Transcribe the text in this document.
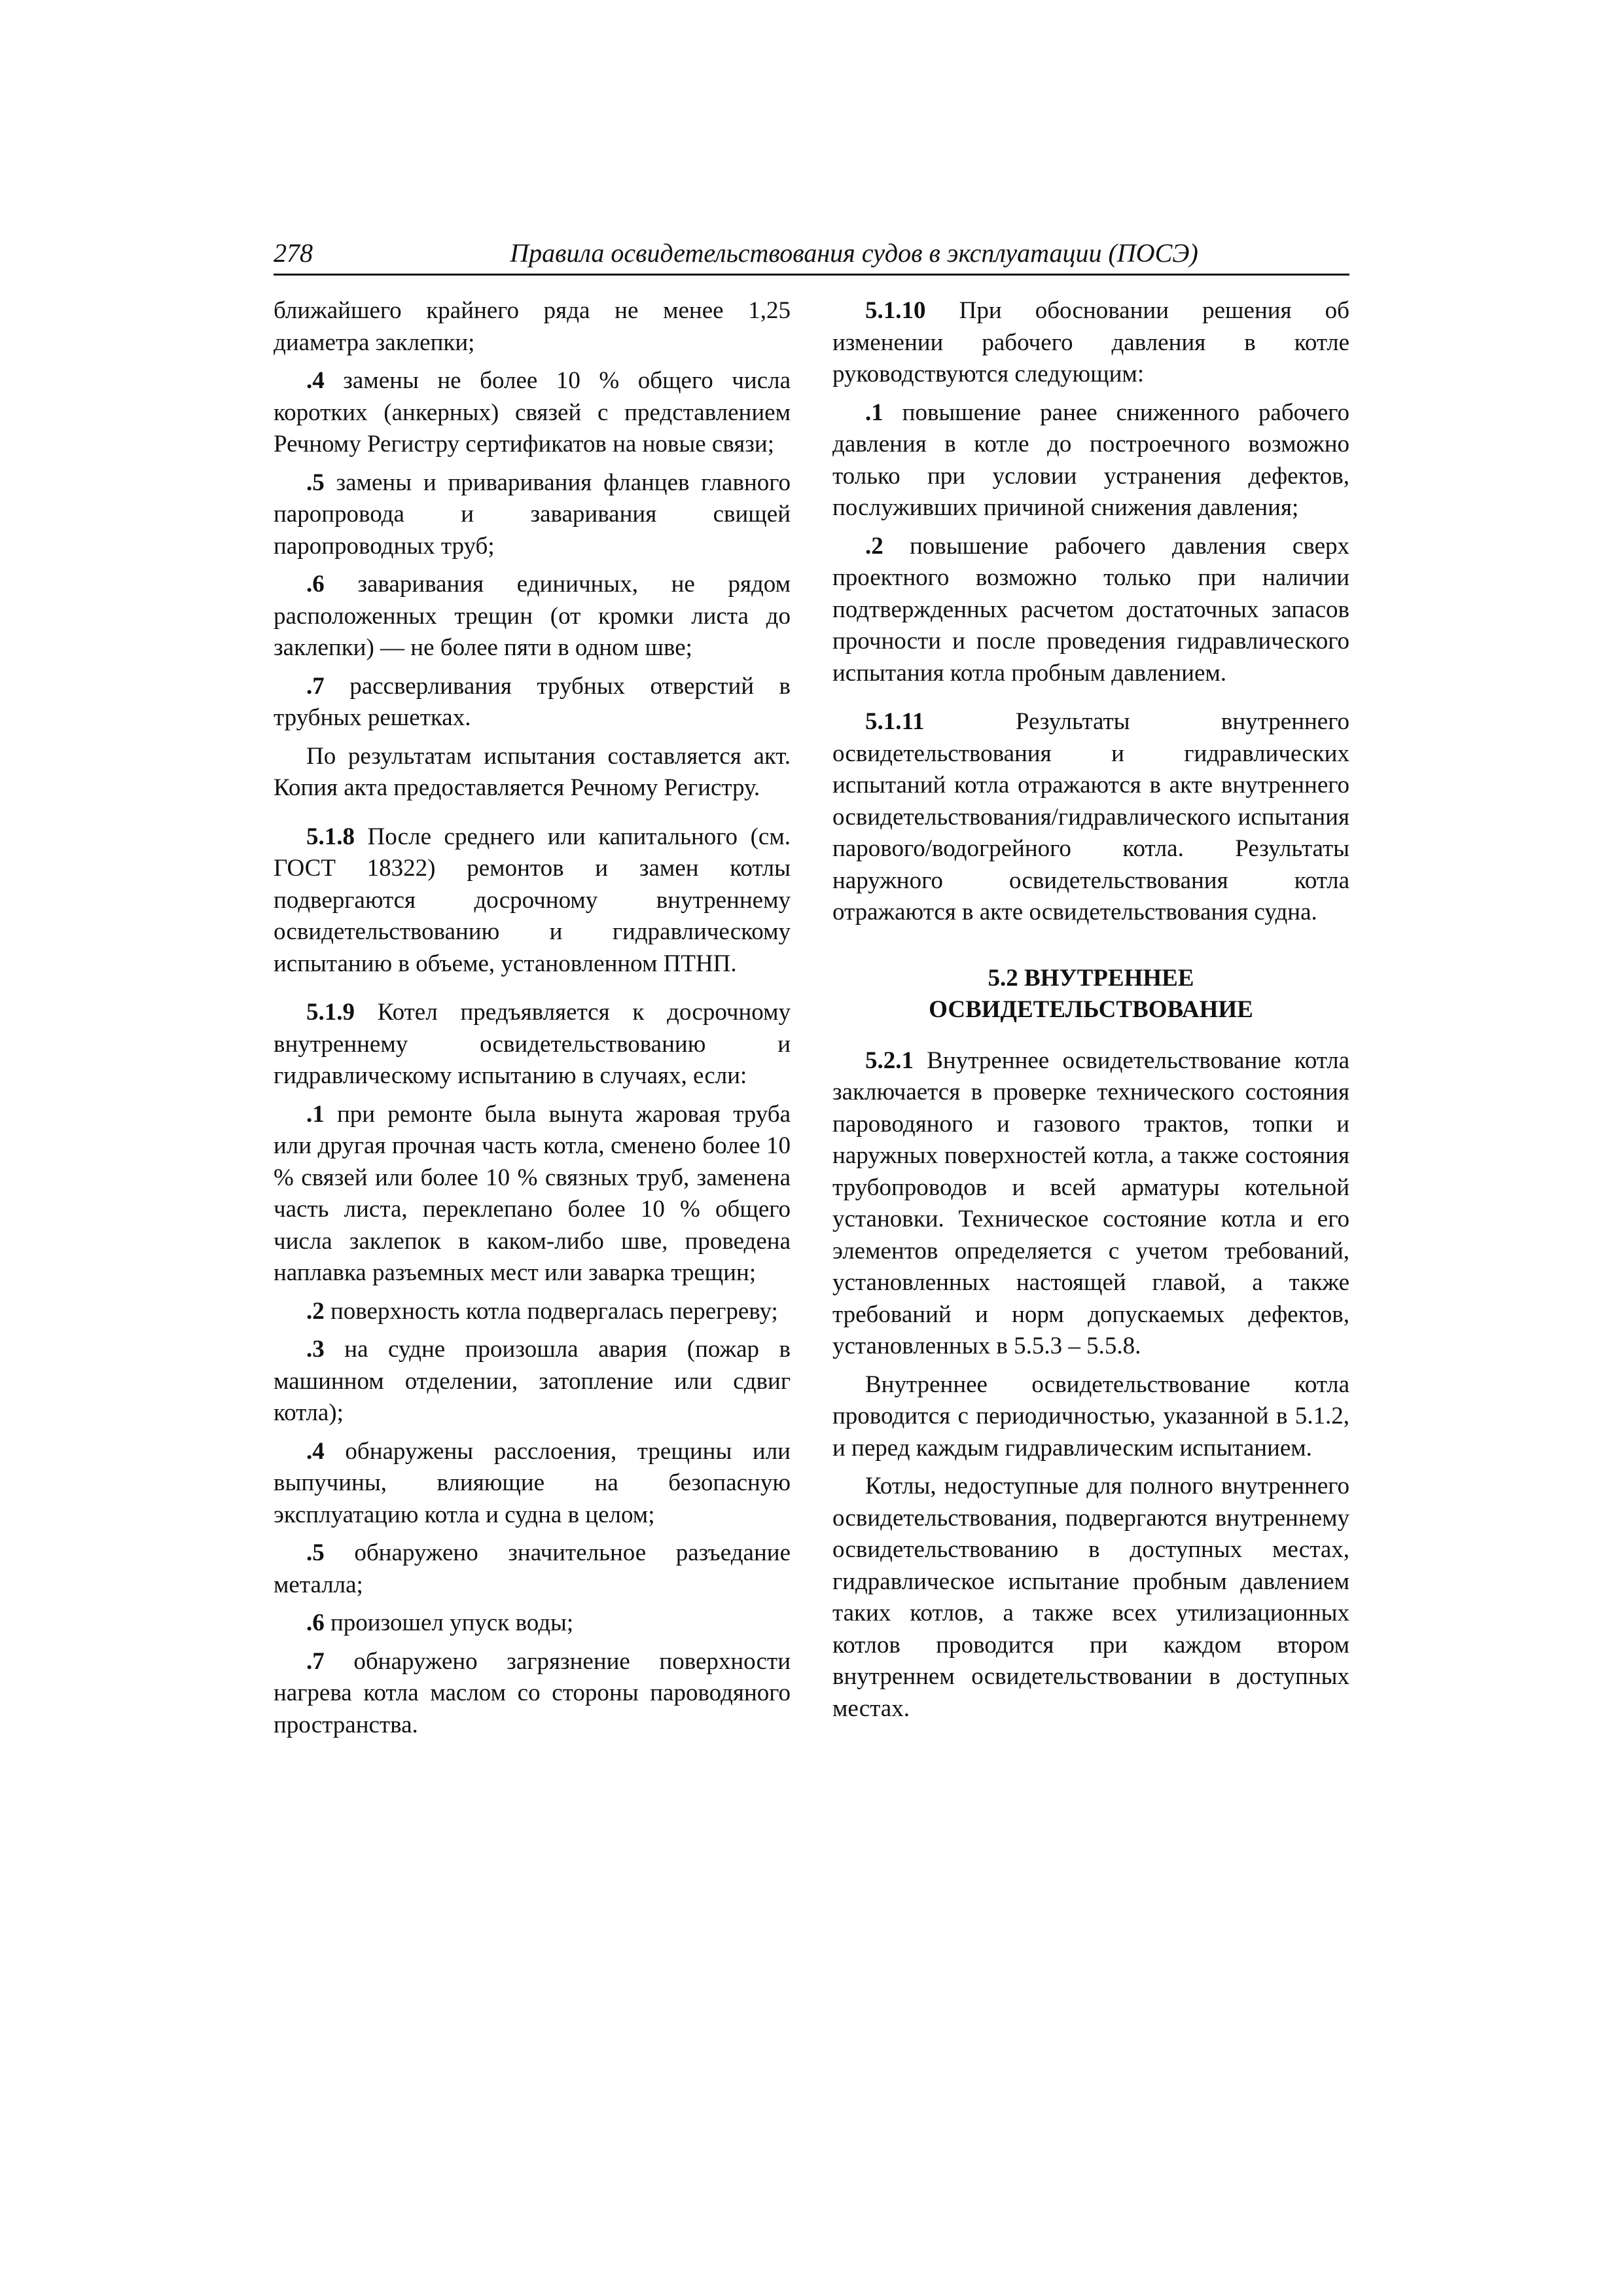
278	Правила освидетельствования судов в эксплуатации (ПОСЭ)

ближайшего крайнего ряда не менее 1,25 диаметра заклепки;

.4 замены не более 10 % общего числа коротких (анкерных) связей с представлением Речному Регистру сертификатов на новые связи;

.5 замены и приваривания фланцев главного паропровода и заваривания свищей паропроводных труб;

.6 заваривания единичных, не рядом расположенных трещин (от кромки листа до заклепки) — не более пяти в одном шве;

.7 рассверливания трубных отверстий в трубных решетках.

По результатам испытания составляется акт. Копия акта предоставляется Речному Регистру.

5.1.8 После среднего или капитального (см. ГОСТ 18322) ремонтов и замен котлы подвергаются досрочному внутреннему освидетельствованию и гидравлическому испытанию в объеме, установленном ПТНП.

5.1.9 Котел предъявляется к досрочному внутреннему освидетельствованию и гидравлическому испытанию в случаях, если:

.1 при ремонте была вынута жаровая труба или другая прочная часть котла, сменено более 10 % связей или более 10 % связных труб, заменена часть листа, переклепано более 10 % общего числа заклепок в каком-либо шве, проведена наплавка разъемных мест или заварка трещин;

.2 поверхность котла подвергалась перегреву;

.3 на судне произошла авария (пожар в машинном отделении, затопление или сдвиг котла);

.4 обнаружены расслоения, трещины или выпучины, влияющие на безопасную эксплуатацию котла и судна в целом;

.5 обнаружено значительное разъедание металла;

.6 произошел упуск воды;

.7 обнаружено загрязнение поверхности нагрева котла маслом со стороны пароводяного пространства.

5.1.10 При обосновании решения об изменении рабочего давления в котле руководствуются следующим:

.1 повышение ранее сниженного рабочего давления в котле до построечного возможно только при условии устранения дефектов, послуживших причиной снижения давления;

.2 повышение рабочего давления сверх проектного возможно только при наличии подтвержденных расчетом достаточных запасов прочности и после проведения гидравлического испытания котла пробным давлением.

5.1.11 Результаты внутреннего освидетельствования и гидравлических испытаний котла отражаются в акте внутреннего освидетельствования/гидравлического испытания парового/водогрейного котла. Результаты наружного освидетельствования котла отражаются в акте освидетельствования судна.

5.2 ВНУТРЕННЕЕ
ОСВИДЕТЕЛЬСТВОВАНИЕ

5.2.1 Внутреннее освидетельствование котла заключается в проверке технического состояния пароводяного и газового трактов, топки и наружных поверхностей котла, а также состояния трубопроводов и всей арматуры котельной установки. Техническое состояние котла и его элементов определяется с учетом требований, установленных настоящей главой, а также требований и норм допускаемых дефектов, установленных в 5.5.3 – 5.5.8.

Внутреннее освидетельствование котла проводится с периодичностью, указанной в 5.1.2, и перед каждым гидравлическим испытанием.

Котлы, недоступные для полного внутреннего освидетельствования, подвергаются внутреннему освидетельствованию в доступных местах, гидравлическое испытание пробным давлением таких котлов, а также всех утилизационных котлов проводится при каждом втором внутреннем освидетельствовании в доступных местах.
